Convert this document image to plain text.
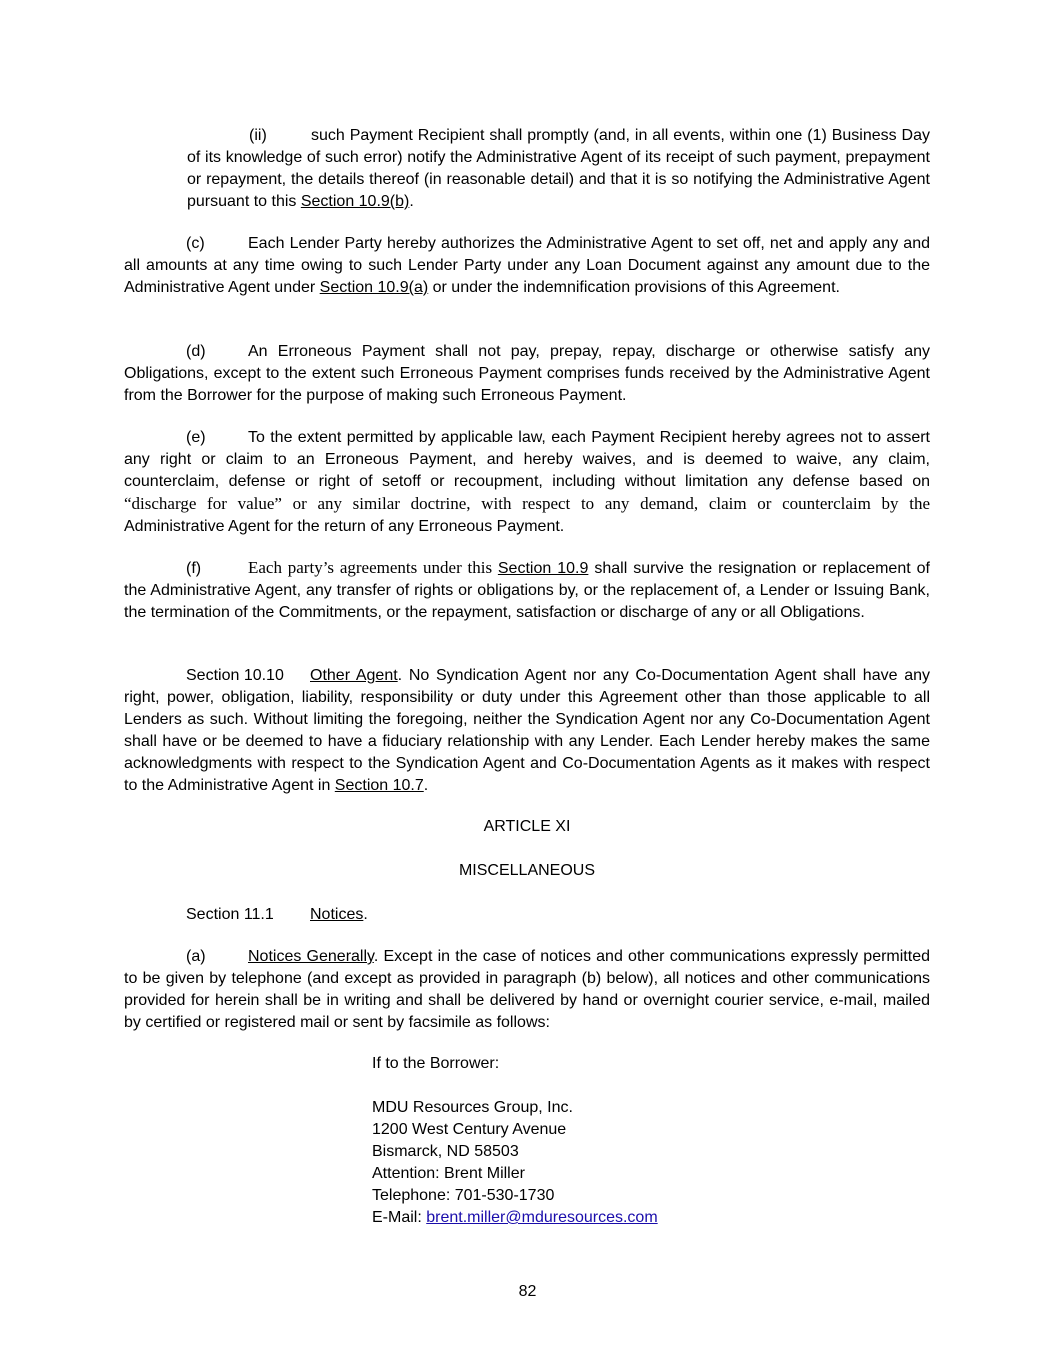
(ii)	such Payment Recipient shall promptly (and, in all events, within one (1) Business Day of its knowledge of such error) notify the Administrative Agent of its receipt of such payment, prepayment or repayment, the details thereof (in reasonable detail) and that it is so notifying the Administrative Agent pursuant to this Section 10.9(b).
(c)	Each Lender Party hereby authorizes the Administrative Agent to set off, net and apply any and all amounts at any time owing to such Lender Party under any Loan Document against any amount due to the Administrative Agent under Section 10.9(a) or under the indemnification provisions of this Agreement.
(d)	An Erroneous Payment shall not pay, prepay, repay, discharge or otherwise satisfy any Obligations, except to the extent such Erroneous Payment comprises funds received by the Administrative Agent from the Borrower for the purpose of making such Erroneous Payment.
(e)	To the extent permitted by applicable law, each Payment Recipient hereby agrees not to assert any right or claim to an Erroneous Payment, and hereby waives, and is deemed to waive, any claim, counterclaim, defense or right of setoff or recoupment, including without limitation any defense based on “discharge for value” or any similar doctrine, with respect to any demand, claim or counterclaim by the Administrative Agent for the return of any Erroneous Payment.
(f)	Each party’s agreements under this Section 10.9 shall survive the resignation or replacement of the Administrative Agent, any transfer of rights or obligations by, or the replacement of, a Lender or Issuing Bank, the termination of the Commitments, or the repayment, satisfaction or discharge of any or all Obligations.
Section 10.10 Other Agent. No Syndication Agent nor any Co-Documentation Agent shall have any right, power, obligation, liability, responsibility or duty under this Agreement other than those applicable to all Lenders as such. Without limiting the foregoing, neither the Syndication Agent nor any Co-Documentation Agent shall have or be deemed to have a fiduciary relationship with any Lender. Each Lender hereby makes the same acknowledgments with respect to the Syndication Agent and Co-Documentation Agents as it makes with respect to the Administrative Agent in Section 10.7.
ARTICLE XI
MISCELLANEOUS
Section 11.1 Notices.
(a)	Notices Generally. Except in the case of notices and other communications expressly permitted to be given by telephone (and except as provided in paragraph (b) below), all notices and other communications provided for herein shall be in writing and shall be delivered by hand or overnight courier service, e-mail, mailed by certified or registered mail or sent by facsimile as follows:
If to the Borrower:
MDU Resources Group, Inc.
1200 West Century Avenue
Bismarck, ND 58503
Attention: Brent Miller
Telephone: 701-530-1730
E-Mail: brent.miller@mduresources.com
82
